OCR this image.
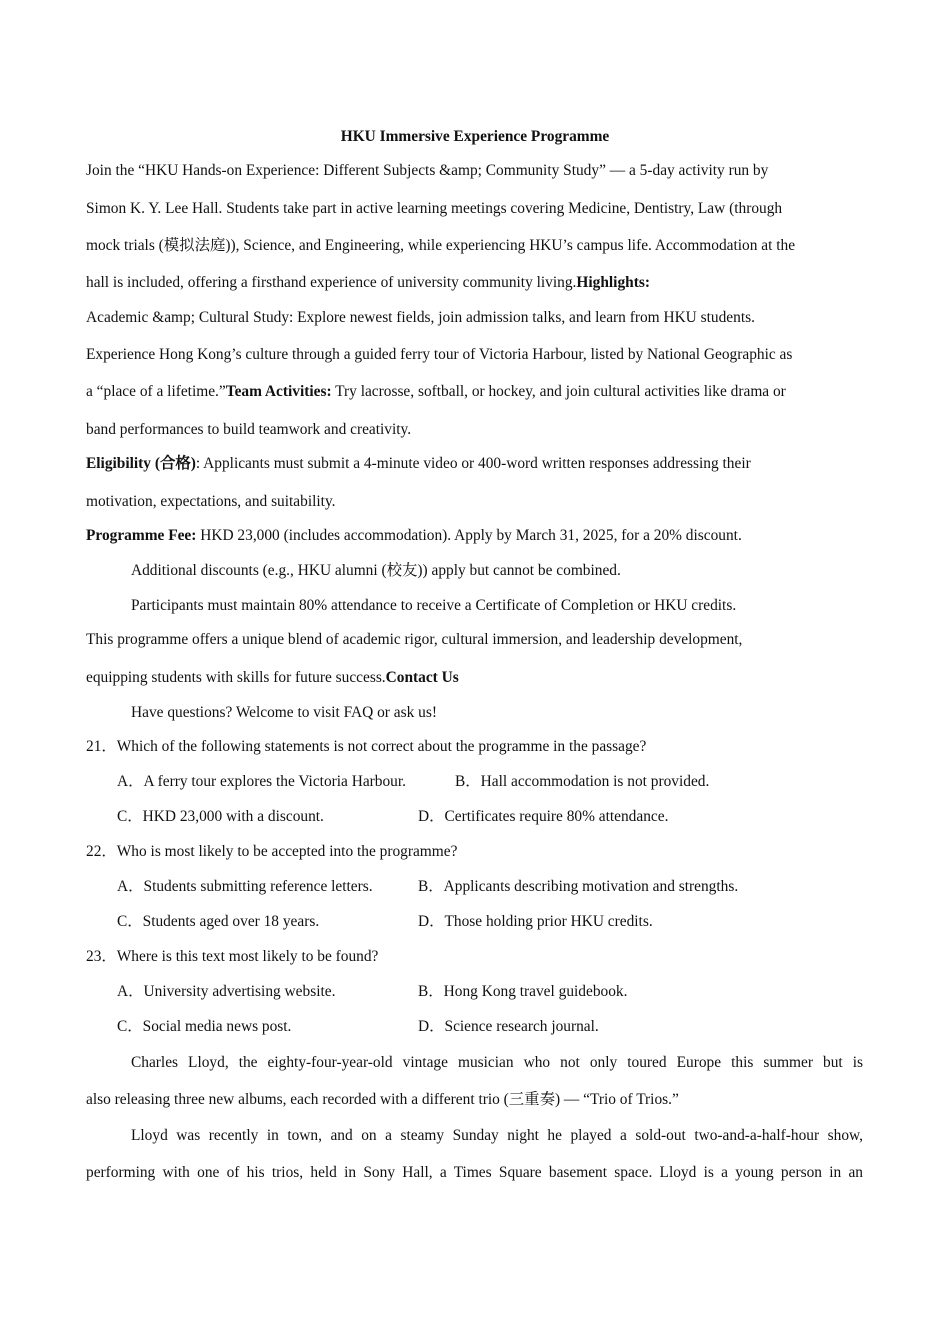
HKU Immersive Experience Programme
Join the “HKU Hands-on Experience: Different Subjects &amp; Community Study” — a 5-day activity run by
Simon K. Y. Lee Hall. Students take part in active learning meetings covering Medicine, Dentistry, Law (through
mock trials (模拟法庭)), Science, and Engineering, while experiencing HKU’s campus life. Accommodation at the
hall is included, offering a firsthand experience of university community living.Highlights:
Academic &amp; Cultural Study: Explore newest fields, join admission talks, and learn from HKU students.
Experience Hong Kong’s culture through a guided ferry tour of Victoria Harbour, listed by National Geographic as
a “place of a lifetime.”Team Activities: Try lacrosse, softball, or hockey, and join cultural activities like drama or
band performances to build teamwork and creativity.
Eligibility (合格): Applicants must submit a 4-minute video or 400-word written responses addressing their
motivation, expectations, and suitability.
Programme Fee: HKD 23,000 (includes accommodation). Apply by March 31, 2025, for a 20% discount.
Additional discounts (e.g., HKU alumni (校友)) apply but cannot be combined.
Participants must maintain 80% attendance to receive a Certificate of Completion or HKU credits.
This programme offers a unique blend of academic rigor, cultural immersion, and leadership development,
equipping students with skills for future success.Contact Us
Have questions? Welcome to visit FAQ or ask us!
21．Which of the following statements is not correct about the programme in the passage?
A．A ferry tour explores the Victoria Harbour.	B．Hall accommodation is not provided.
C．HKD 23,000 with a discount.	D．Certificates require 80% attendance.
22．Who is most likely to be accepted into the programme?
A．Students submitting reference letters.	B．Applicants describing motivation and strengths.
C．Students aged over 18 years.	D．Those holding prior HKU credits.
23．Where is this text most likely to be found?
A．University advertising website.	B．Hong Kong travel guidebook.
C．Social media news post.	D．Science research journal.
Charles Lloyd, the eighty-four-year-old vintage musician who not only toured Europe this summer but is
also releasing three new albums, each recorded with a different trio (三重奏) — “Trio of Trios.”
Lloyd was recently in town, and on a steamy Sunday night he played a sold-out two-and-a-half-hour show,
performing with one of his trios, held in Sony Hall, a Times Square basement space. Lloyd is a young person in an
